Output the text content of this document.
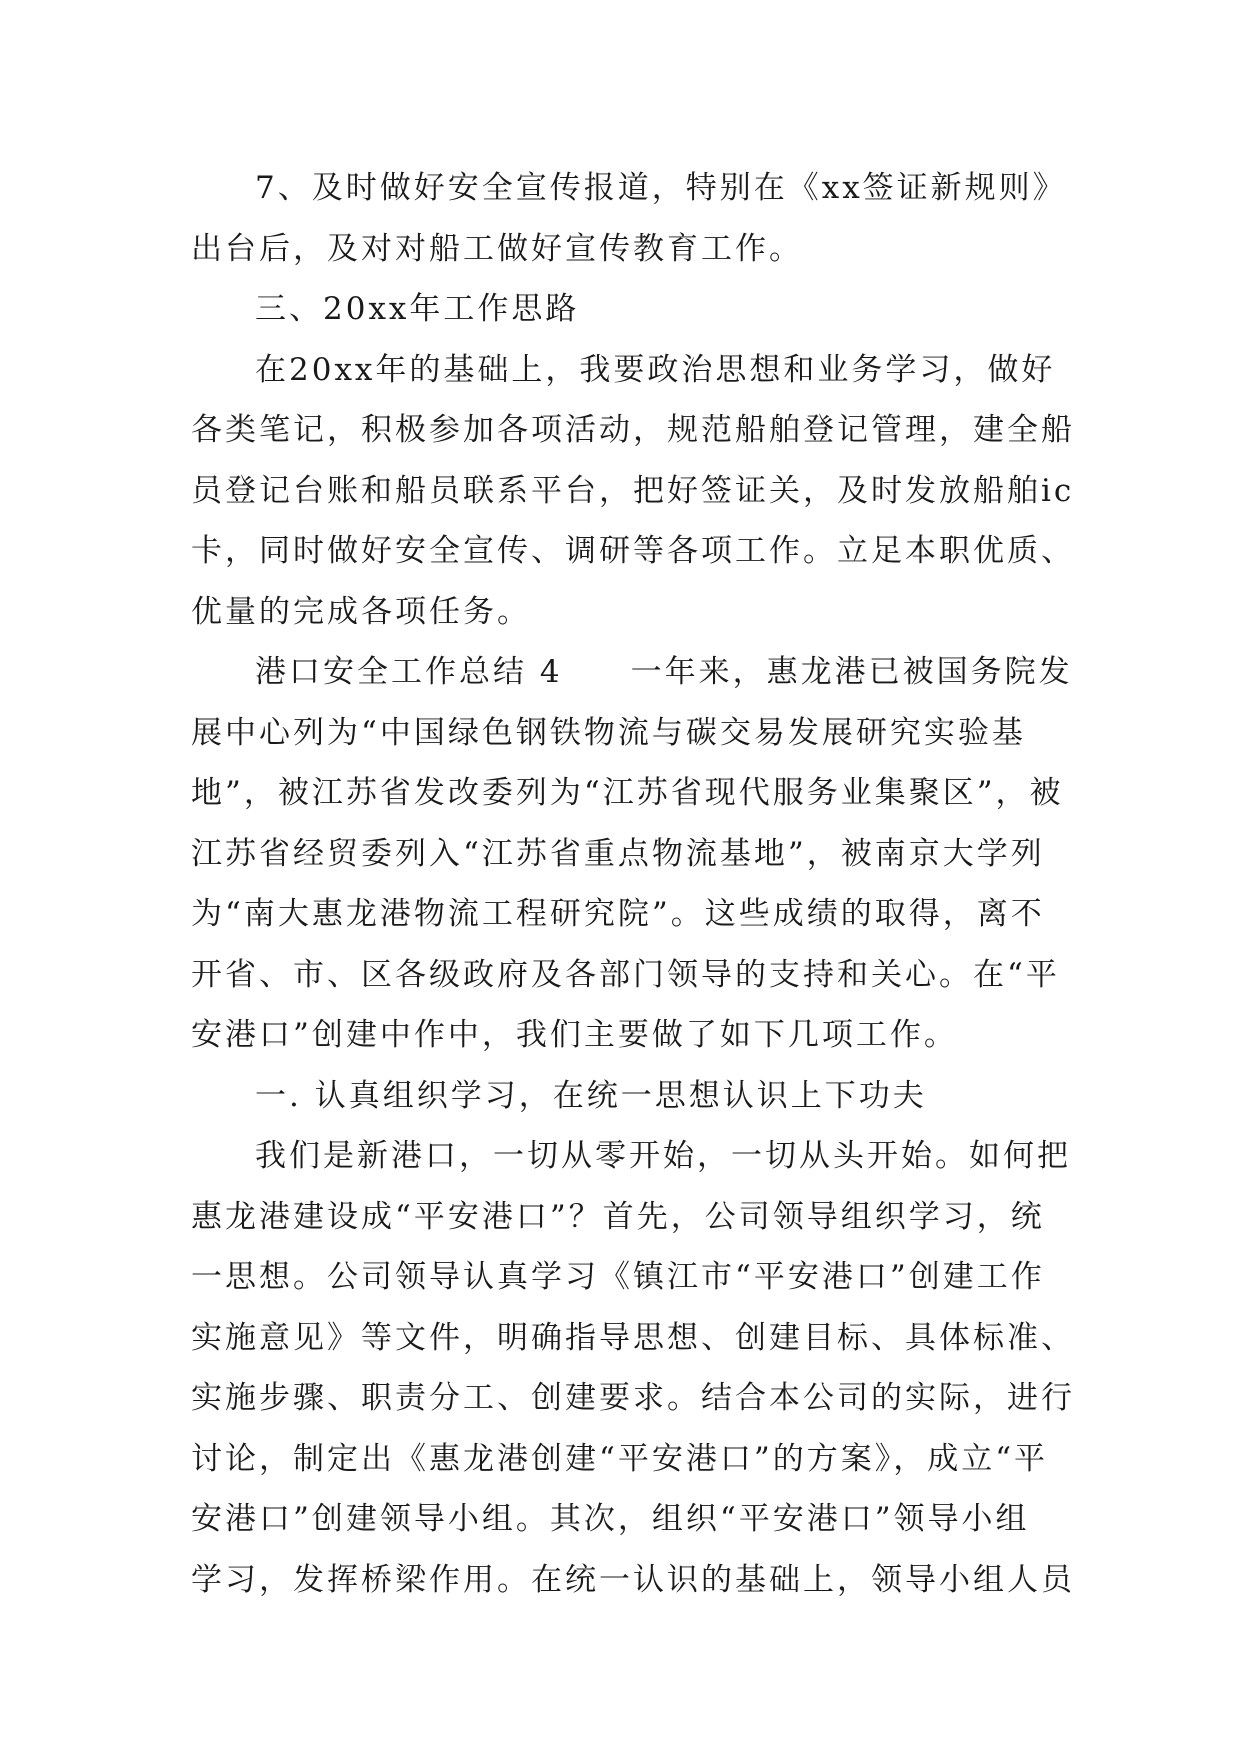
7、及时做好安全宣传报道，特别在《xx签证新规则》
出台后，及对对船工做好宣传教育工作。
三、20xx年工作思路
在20xx年的基础上，我要政治思想和业务学习，做好
各类笔记，积极参加各项活动，规范船舶登记管理，建全船
员登记台账和船员联系平台，把好签证关，及时发放船舶ic
卡，同时做好安全宣传、调研等各项工作。立足本职优质、
优量的完成各项任务。
港口安全工作总结 4　　一年来，惠龙港已被国务院发
展中心列为“中国绿色钢铁物流与碳交易发展研究实验基
地”，被江苏省发改委列为“江苏省现代服务业集聚区”，被
江苏省经贸委列入“江苏省重点物流基地”，被南京大学列
为“南大惠龙港物流工程研究院”。这些成绩的取得，离不
开省、市、区各级政府及各部门领导的支持和关心。在“平
安港口”创建中作中，我们主要做了如下几项工作。
一. 认真组织学习，在统一思想认识上下功夫
我们是新港口，一切从零开始，一切从头开始。如何把
惠龙港建设成“平安港口”？首先，公司领导组织学习，统
一思想。公司领导认真学习《镇江市“平安港口”创建工作
实施意见》等文件，明确指导思想、创建目标、具体标准、
实施步骤、职责分工、创建要求。结合本公司的实际，进行
讨论，制定出《惠龙港创建“平安港口”的方案》，成立“平
安港口”创建领导小组。其次，组织“平安港口”领导小组
学习，发挥桥梁作用。在统一认识的基础上，领导小组人员
